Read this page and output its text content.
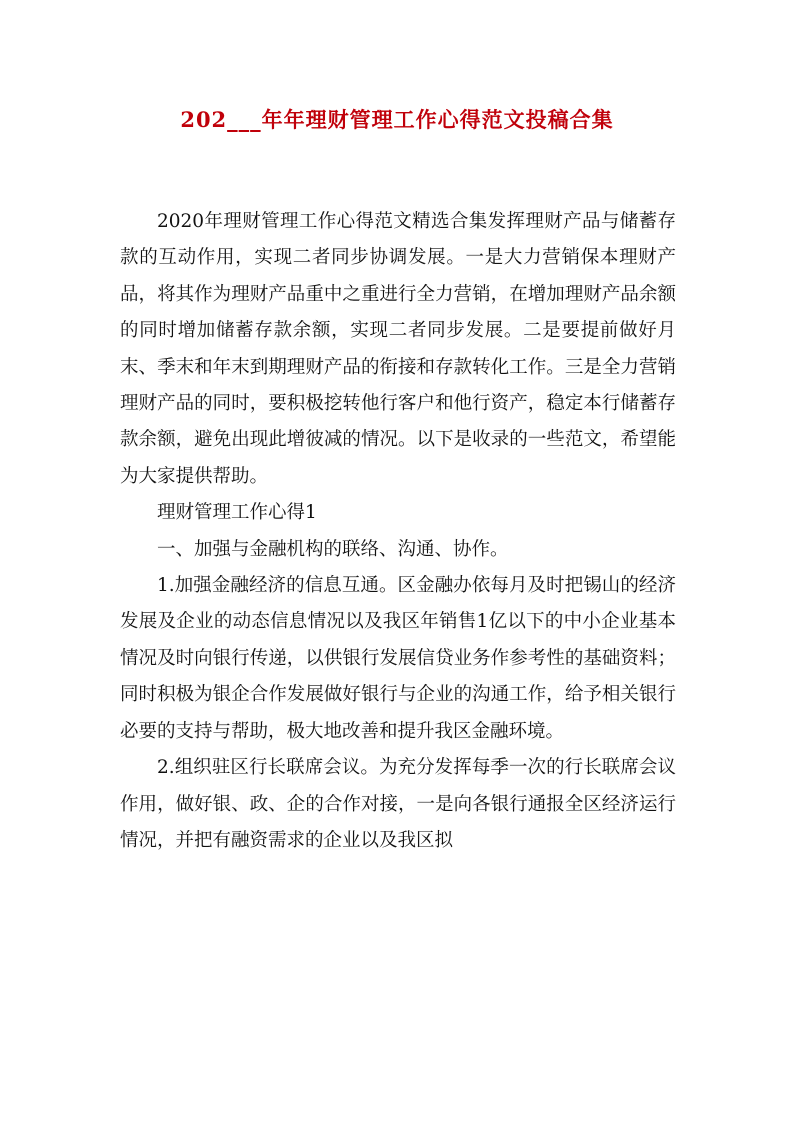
202___年年理财管理工作心得范文投稿合集

2020年理财管理工作心得范文精选合集发挥理财产品与储蓄存款的互动作用，实现二者同步协调发展。一是大力营销保本理财产品，将其作为理财产品重中之重进行全力营销，在增加理财产品余额的同时增加储蓄存款余额，实现二者同步发展。二是要提前做好月末、季末和年末到期理财产品的衔接和存款转化工作。三是全力营销理财产品的同时，要积极挖转他行客户和他行资产，稳定本行储蓄存款余额，避免出现此增彼减的情况。以下是收录的一些范文，希望能为大家提供帮助。

理财管理工作心得1

一、加强与金融机构的联络、沟通、协作。

1.加强金融经济的信息互通。区金融办依每月及时把锡山的经济发展及企业的动态信息情况以及我区年销售1亿以下的中小企业基本情况及时向银行传递，以供银行发展信贷业务作参考性的基础资料；同时积极为银企合作发展做好银行与企业的沟通工作，给予相关银行必要的支持与帮助，极大地改善和提升我区金融环境。

2.组织驻区行长联席会议。为充分发挥每季一次的行长联席会议作用，做好银、政、企的合作对接，一是向各银行通报全区经济运行情况，并把有融资需求的企业以及我区拟
